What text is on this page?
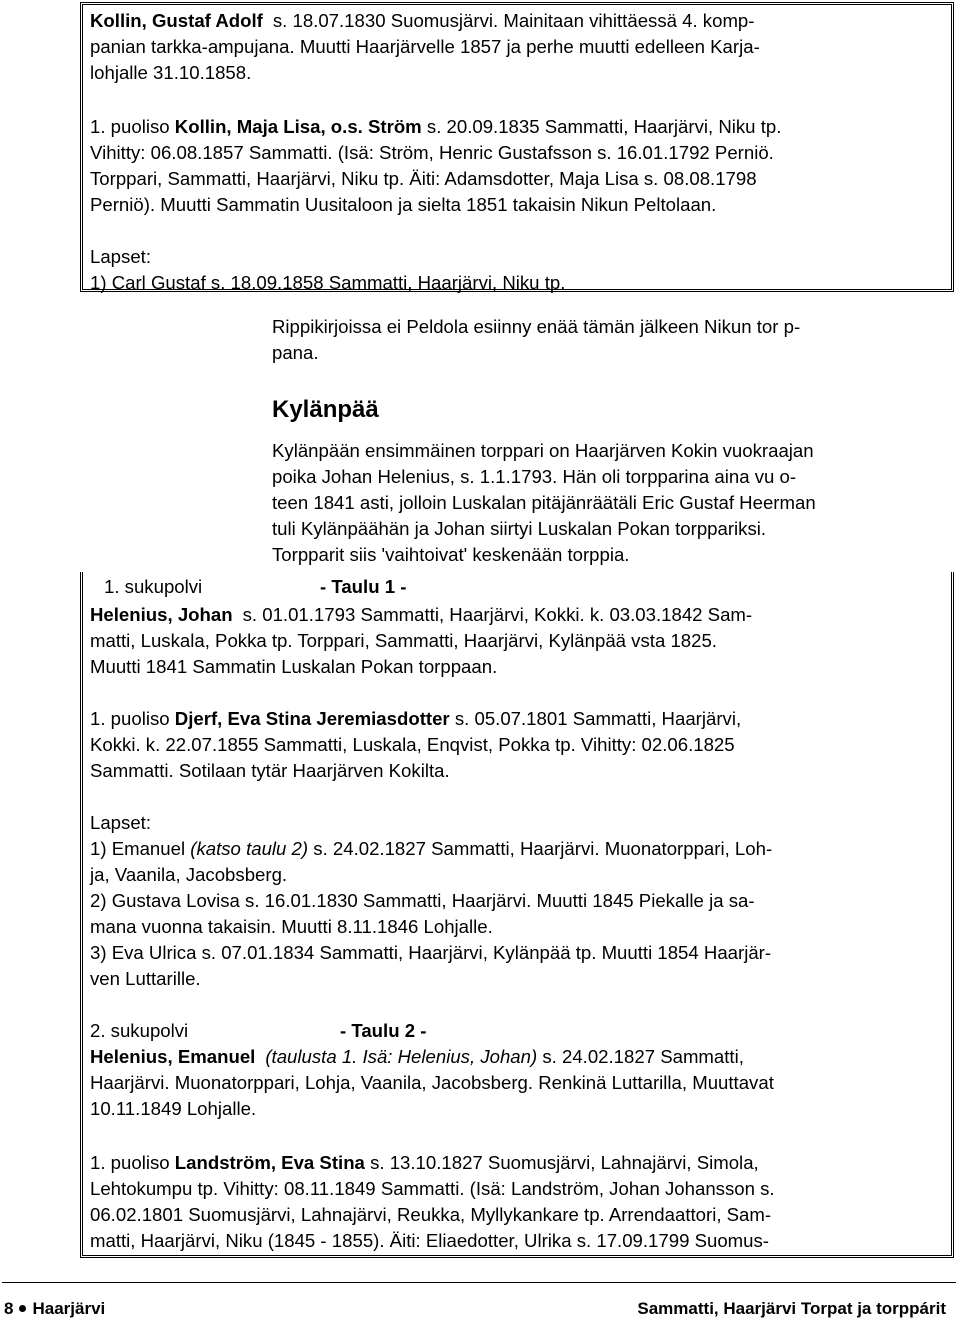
Kollin, Gustaf Adolf s. 18.07.1830 Suomusjärvi. Mainitaan vihittäessä 4. komp-
panian tarkka-ampujana. Muutti Haarjärvelle 1857 ja perhe muutti edelleen Karja-
lohjalle 31.10.1858.
1. puoliso Kollin, Maja Lisa, o.s. Ström s. 20.09.1835 Sammatti, Haarjärvi, Niku tp.
Vihitty: 06.08.1857 Sammatti. (Isä: Ström, Henric Gustafsson s. 16.01.1792 Perniö.
Torppari, Sammatti, Haarjärvi, Niku tp. Äiti: Adamsdotter, Maja Lisa s. 08.08.1798
Perniö). Muutti Sammatin Uusitaloon ja sielta 1851 takaisin Nikun Peltolaan.
Lapset:
1) Carl Gustaf s. 18.09.1858 Sammatti, Haarjärvi, Niku tp.
Rippikirjoissa ei Peldola esiinny enää tämän jälkeen Nikun tor p-
pana.
Kylänpää
Kylänpään ensimmäinen torppari on Haarjärven Kokin vuokraajan
poika Johan Helenius, s. 1.1.1793. Hän oli torpparina aina vu o-
teen 1841 asti, jolloin Luskalan pitäjänräätäli Eric Gustaf Heerman
tuli Kylänpäähän ja Johan siirtyi Luskalan Pokan torppariksi.
Torpparit siis 'vaihtoivat' keskenään torppia.
1. sukupolvi	- Taulu 1 -
Helenius, Johan s. 01.01.1793 Sammatti, Haarjärvi, Kokki. k. 03.03.1842 Sam-
matti, Luskala, Pokka tp. Torppari, Sammatti, Haarjärvi, Kylänpää vsta 1825.
Muutti 1841 Sammatin Luskalan Pokan torppaan.
1. puoliso Djerf, Eva Stina Jeremiasdotter s. 05.07.1801 Sammatti, Haarjärvi,
Kokki. k. 22.07.1855 Sammatti, Luskala, Enqvist, Pokka tp. Vihitty: 02.06.1825
Sammatti. Sotilaan tytär Haarjärven Kokilta.
Lapset:
1) Emanuel (katso taulu 2) s. 24.02.1827 Sammatti, Haarjärvi. Muonatorppari, Loh-
ja, Vaanila, Jacobsberg.
2) Gustava Lovisa s. 16.01.1830 Sammatti, Haarjärvi. Muutti 1845 Piekalle ja sa-
mana vuonna takaisin. Muutti 8.11.1846 Lohjalle.
3) Eva Ulrica s. 07.01.1834 Sammatti, Haarjärvi, Kylänpää tp. Muutti 1854 Haarjär-
ven Luttarille.
2. sukupolvi	- Taulu 2 -
Helenius, Emanuel (taulusta 1. Isä: Helenius, Johan) s. 24.02.1827 Sammatti,
Haarjärvi. Muonatorppari, Lohja, Vaanila, Jacobsberg. Renkinä Luttarilla, Muuttavat
10.11.1849 Lohjalle.
1. puoliso Landström, Eva Stina s. 13.10.1827 Suomusjärvi, Lahnajärvi, Simola,
Lehtokumpu tp. Vihitty: 08.11.1849 Sammatti. (Isä: Landström, Johan Johansson s.
06.02.1801 Suomusjärvi, Lahnajärvi, Reukka, Myllykankare tp. Arrendaattori, Sam-
matti, Haarjärvi, Niku (1845 - 1855). Äiti: Eliaedotter, Ulrika s. 17.09.1799 Suomus-
8 Haarjärvi	Sammatti, Haarjärvi Torpat ja torppárit
